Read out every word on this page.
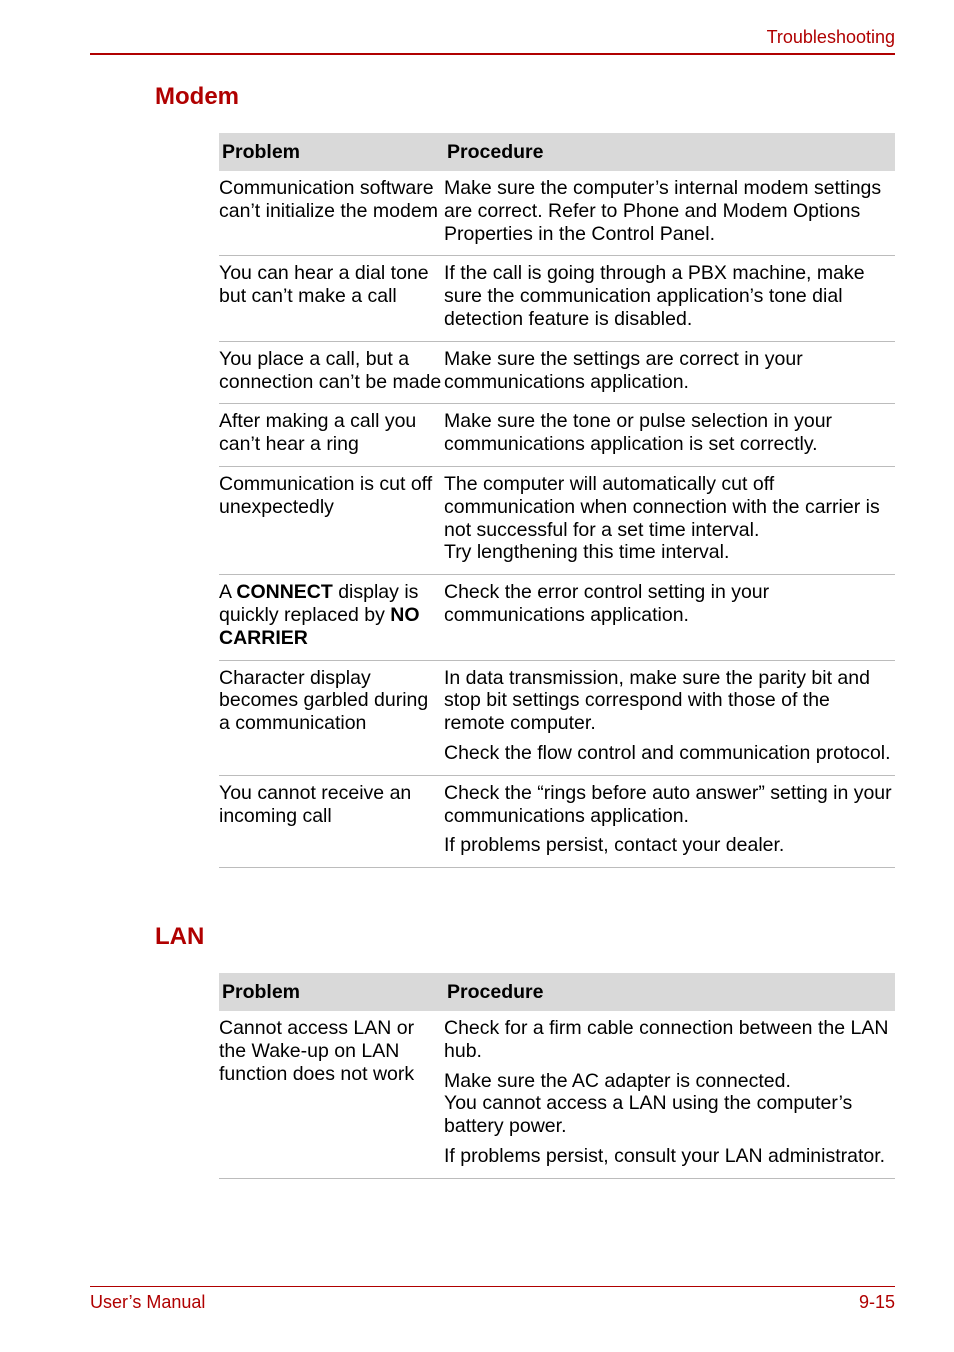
Troubleshooting
Modem
Problem	Procedure
Communication software can’t initialize the modem	Make sure the computer’s internal modem settings are correct. Refer to Phone and Modem Options Properties in the Control Panel.

You can hear a dial tone but can’t make a call	If the call is going through a PBX machine, make sure the communication application’s tone dial detection feature is disabled.

You place a call, but a connection can’t be made	Make sure the settings are correct in your communications application.

After making a call you can’t hear a ring	Make sure the tone or pulse selection in your communications application is set correctly.

Communication is cut off unexpectedly	The computer will automatically cut off communication when connection with the carrier is not successful for a set time interval.
Try lengthening this time interval.

A CONNECT display is quickly replaced by NO CARRIER	Check the error control setting in your communications application.

Character display becomes garbled during a communication	In data transmission, make sure the parity bit and stop bit settings correspond with those of the remote computer.

Check the flow control and communication protocol.

You cannot receive an incoming call	Check the “rings before auto answer” setting in your communications application.

If problems persist, contact your dealer.

LAN
Problem	Procedure
Cannot access LAN or the Wake-up on LAN function does not work	Check for a firm cable connection between the LAN hub.

Make sure the AC adapter is connected.
You cannot access a LAN using the computer’s battery power.

If problems persist, consult your LAN administrator.

User’s Manual	9-15
